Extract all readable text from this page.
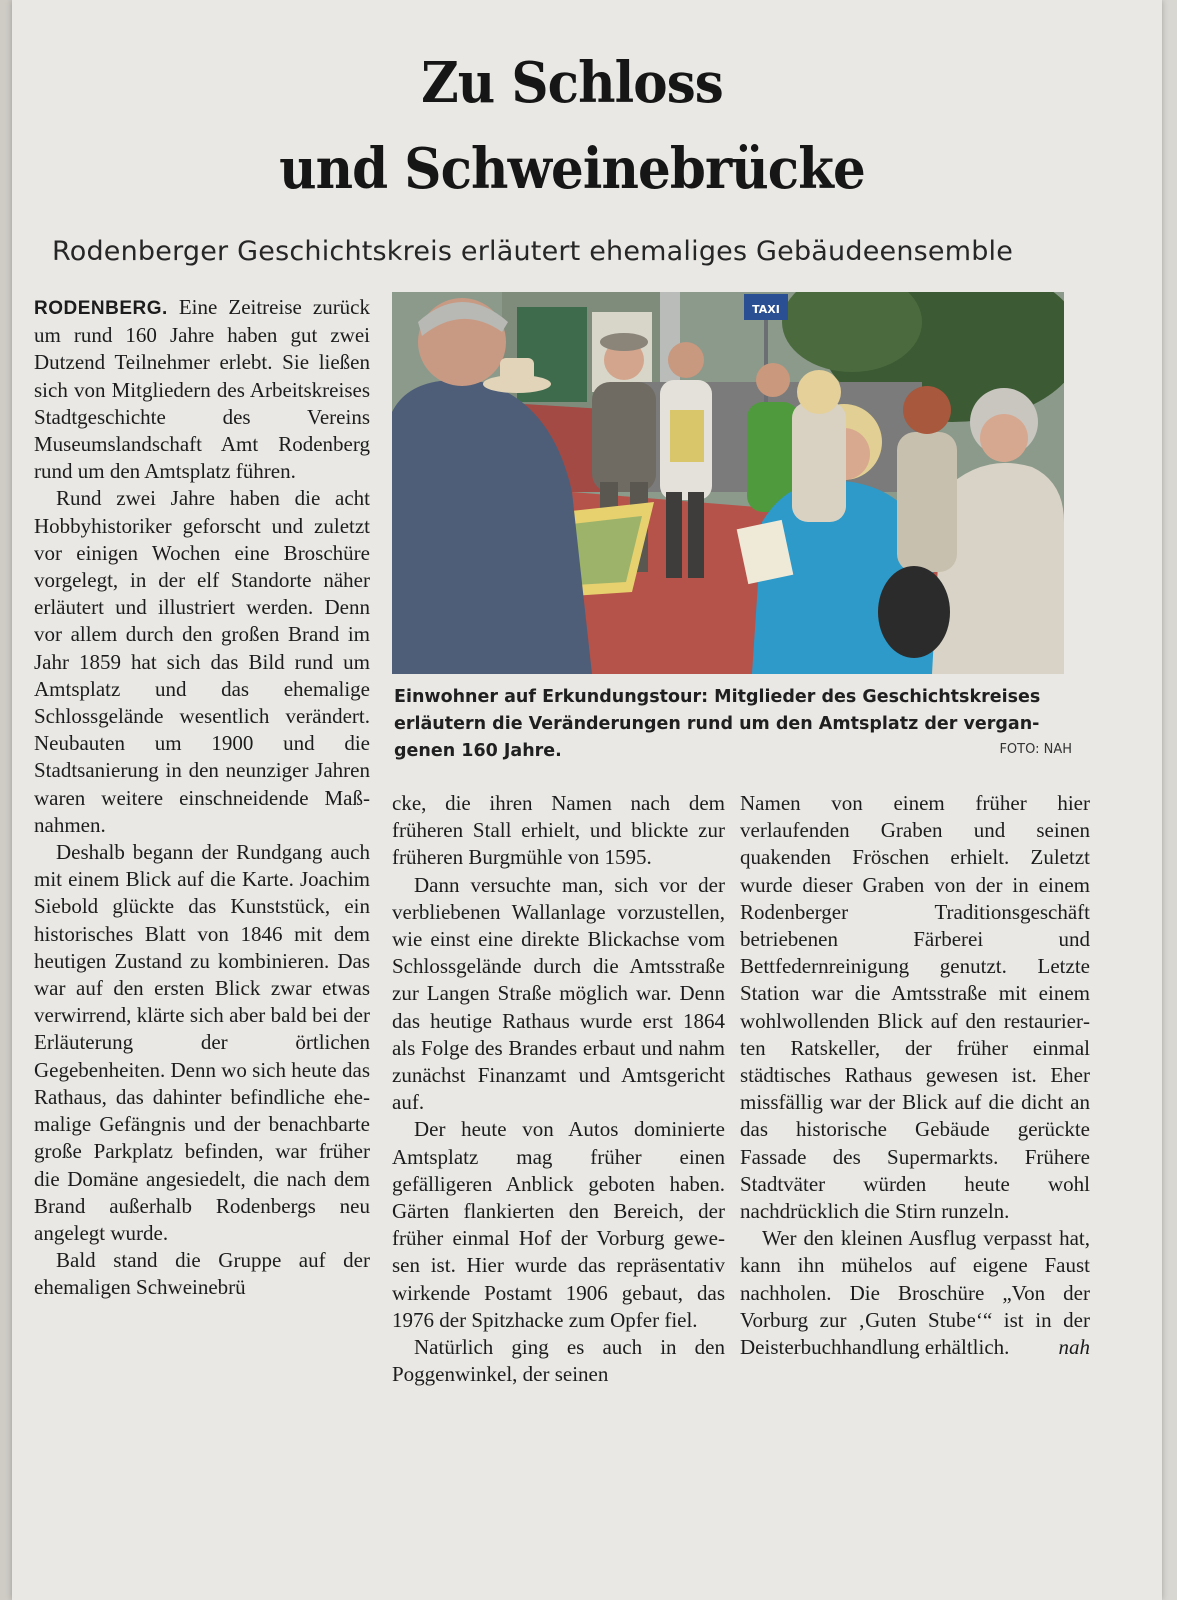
Zu Schloss
und Schweinebrücke
Rodenberger Geschichtskreis erläutert ehemaliges Gebäudeensemble
TAXI
Einwohner auf Erkundungstour: Mitglieder des Geschichtskreises erläutern die Veränderungen rund um den Amtsplatz der vergangenen 160 Jahre.	FOTO: NAH

RODENBERG. Eine Zeitreise zurück um rund 160 Jahre haben gut zwei Dutzend Teilnehmer erlebt. Sie ließen sich von Mitgliedern des Arbeitskreises Stadtgeschichte des Vereins Museumslandschaft Amt Rodenberg rund um den Amtsplatz führen.

Rund zwei Jahre haben die acht Hobbyhistoriker geforscht und zuletzt vor einigen Wochen eine Broschüre vorgelegt, in der elf Standorte näher erläutert und illustriert werden. Denn vor allem durch den großen Brand im Jahr 1859 hat sich das Bild rund um Amtsplatz und das ehemalige Schlossgelände wesentlich verändert. Neubauten um 1900 und die Stadtsanierung in den neunziger Jahren waren weitere einschneidende Maßnahmen.

Deshalb begann der Rundgang auch mit einem Blick auf die Karte. Joachim Siebold glückte das Kunststück, ein historisches Blatt von 1846 mit dem heutigen Zustand zu kombinieren. Das war auf den ersten Blick zwar etwas verwirrend, klärte sich aber bald bei der Erläuterung der örtlichen Gegebenheiten. Denn wo sich heute das Rathaus, das dahinter befindliche ehemalige Gefängnis und der benachbarte große Parkplatz befinden, war früher die Domäne angesiedelt, die nach dem Brand außerhalb Rodenbergs neu angelegt wurde.

Bald stand die Gruppe auf der ehemaligen Schweinebrü

cke, die ihren Namen nach dem früheren Stall erhielt, und blickte zur früheren Burgmühle von 1595.

Dann versuchte man, sich vor der verbliebenen Wallanlage vorzustellen, wie einst eine direkte Blickachse vom Schlossgelände durch die Amtsstraße zur Langen Straße möglich war. Denn das heutige Rathaus wurde erst 1864 als Folge des Brandes erbaut und nahm zunächst Finanzamt und Amtsgericht auf.

Der heute von Autos dominierte Amtsplatz mag früher einen gefälligeren Anblick geboten haben. Gärten flankierten den Bereich, der früher einmal Hof der Vorburg gewesen ist. Hier wurde das repräsentativ wirkende Postamt 1906 gebaut, das 1976 der Spitzhacke zum Opfer fiel.

Natürlich ging es auch in den Poggenwinkel, der seinen

Namen von einem früher hier verlaufenden Graben und seinen quakenden Fröschen erhielt. Zuletzt wurde dieser Graben von der in einem Rodenberger Traditionsgeschäft betriebenen Färberei und Bettfedernreinigung genutzt. Letzte Station war die Amtsstraße mit einem wohlwollenden Blick auf den restaurierten Ratskeller, der früher einmal städtisches Rathaus gewesen ist. Eher missfällig war der Blick auf die dicht an das historische Gebäude gerückte Fassade des Supermarkts. Frühere Stadtväter würden heute wohl nachdrücklich die Stirn runzeln.

Wer den kleinen Ausflug verpasst hat, kann ihn mühelos auf eigene Faust nachholen. Die Broschüre „Von der Vorburg zur ‚Guten Stube‘“ ist in der Deisterbuchhandlung erhältlich.	nah
